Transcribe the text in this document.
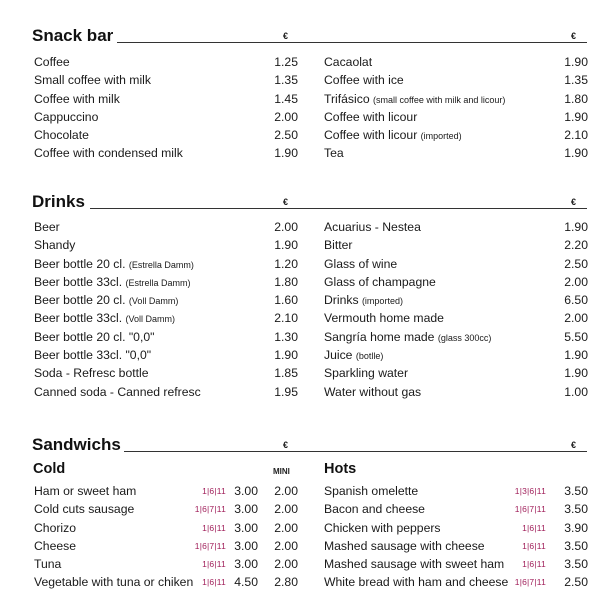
Snack bar	€	€
Coffee	1.25
Small coffee with milk	1.35
Coffee with milk	1.45
Cappuccino	2.00
Chocolate	2.50
Coffee with condensed milk	1.90
Cacaolat	1.90
Coffee with ice	1.35
Trifásico (small coffee with milk and licour)	1.80
Coffee with licour	1.90
Coffee with licour (imported)	2.10
Tea	1.90
Drinks	€	€
Beer	2.00
Shandy	1.90
Beer bottle 20 cl. (Estrella Damm)	1.20
Beer bottle 33cl. (Estrella Damm)	1.80
Beer bottle 20 cl. (Voll Damm)	1.60
Beer bottle 33cl. (Voll Damm)	2.10
Beer bottle 20 cl. "0,0"	1.30
Beer bottle 33cl. "0,0"	1.90
Soda - Refresc bottle	1.85
Canned soda - Canned refresc	1.95
Acuarius - Nestea	1.90
Bitter	2.20
Glass of wine	2.50
Glass of champagne	2.00
Drinks (imported)	6.50
Vermouth home made	2.00
Sangría home made (glass 300cc)	5.50
Juice (botlle)	1.90
Sparkling water	1.90
Water without gas	1.00
Sandwichs	€	€
Cold	MINI Hots
Ham or sweet ham	1|6|11 3.00	2.00
Cold cuts sausage	1|6|7|11 3.00	2.00
Chorizo	1|6|11 3.00	2.00
Cheese	1|6|7|11 3.00	2.00
Tuna	1|6|11 3.00	2.00
Vegetable with tuna or chiken	1|6|11 4.50	2.80
Spanish omelette	1|3|6|11	3.50
Bacon and cheese	1|6|7|11	3.50
Chicken with peppers	1|6|11	3.90
Mashed sausage with cheese	1|6|11	3.50
Mashed sausage with sweet ham	1|6|11	3.50
White bread with ham and cheese 1|6|7|11	2.50
